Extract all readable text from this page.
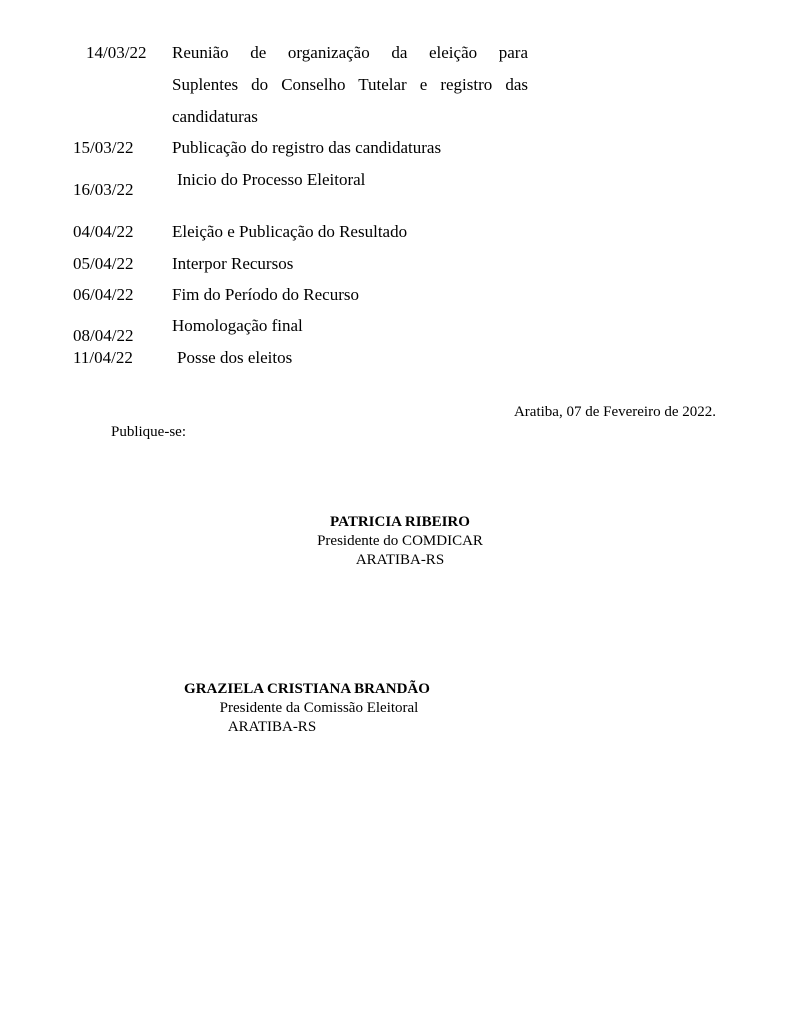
14/03/22 Reunião de organização da eleição para
Suplentes do Conselho Tutelar e registro das
candidaturas
15/03/22 Publicação do registro das candidaturas
16/03/22
Inicio do Processo Eleitoral
04/04/22 Eleição e Publicação do Resultado
05/04/22 Interpor Recursos
06/04/22 Fim do Período do Recurso
08/04/22
Homologação final
11/04/22	Posse dos eleitos
Aratiba, 07 de Fevereiro de 2022.
Publique-se:
PATRICIA RIBEIRO
Presidente do COMDICAR
ARATIBA-RS
GRAZIELA CRISTIANA BRANDÃO
Presidente da Comissão Eleitoral
ARATIBA-RS
